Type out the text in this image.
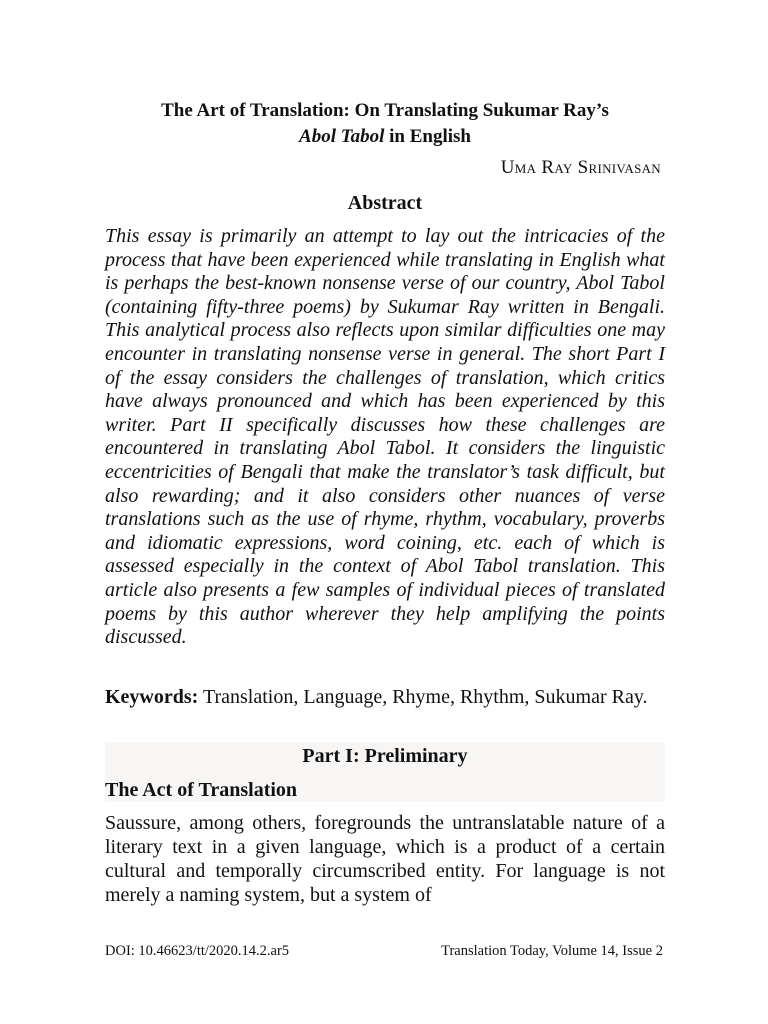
The Art of Translation: On Translating Sukumar Ray’s
Abol Tabol in English
Uma Ray Srinivasan
Abstract
This essay is primarily an attempt to lay out the intricacies of the process that have been experienced while translating in English what is perhaps the best-known nonsense verse of our country, Abol Tabol (containing fifty-three poems) by Sukumar Ray written in Bengali. This analytical process also reflects upon similar difficulties one may encounter in translating nonsense verse in general. The short Part I of the essay considers the challenges of translation, which critics have always pronounced and which has been experienced by this writer. Part II specifically discusses how these challenges are encountered in translating Abol Tabol. It considers the linguistic eccentricities of Bengali that make the translator’s task difficult, but also rewarding; and it also considers other nuances of verse translations such as the use of rhyme, rhythm, vocabulary, proverbs and idiomatic expressions, word coining, etc. each of which is assessed especially in the context of Abol Tabol translation. This article also presents a few samples of individual pieces of translated poems by this author wherever they help amplifying the points discussed.
Keywords: Translation, Language, Rhyme, Rhythm, Sukumar Ray.
Part I: Preliminary
The Act of Translation
Saussure, among others, foregrounds the untranslatable nature of a literary text in a given language, which is a product of a certain cultural and temporally circumscribed entity. For language is not merely a naming system, but a system of
DOI: 10.46623/tt/2020.14.2.ar5	Translation Today, Volume 14, Issue 2
